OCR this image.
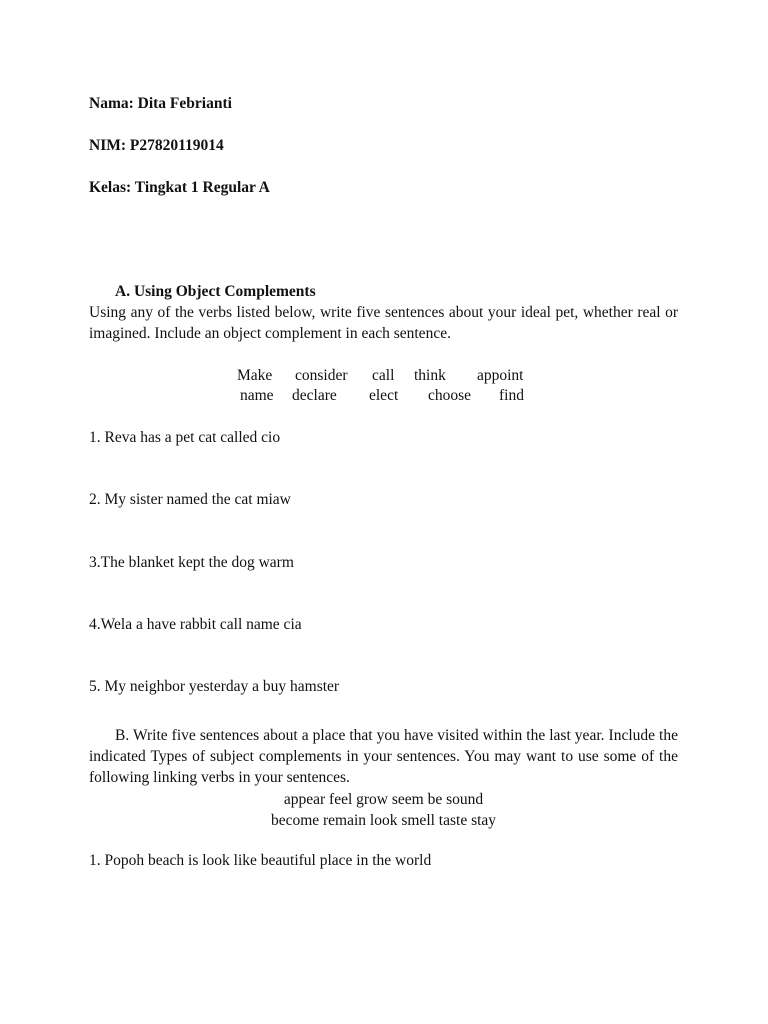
Nama: Dita Febrianti
NIM: P27820119014
Kelas: Tingkat 1 Regular A
A. Using Object Complements
Using any of the verbs listed below, write five sentences about your ideal pet, whether real or imagined. Include an object complement in each sentence.
Make consider call think appoint
name declare elect choose find
1. Reva has a pet cat called cio
2. My sister named the cat miaw
3.The blanket kept the dog warm
4.Wela a have rabbit call name cia
5. My neighbor yesterday a buy hamster
B. Write five sentences about a place that you have visited within the last year. Include the indicated Types of subject complements in your sentences. You may want to use some of the following linking verbs in your sentences.
appear feel grow seem be sound
become remain look smell taste stay
1. Popoh beach is look like beautiful place in the world
